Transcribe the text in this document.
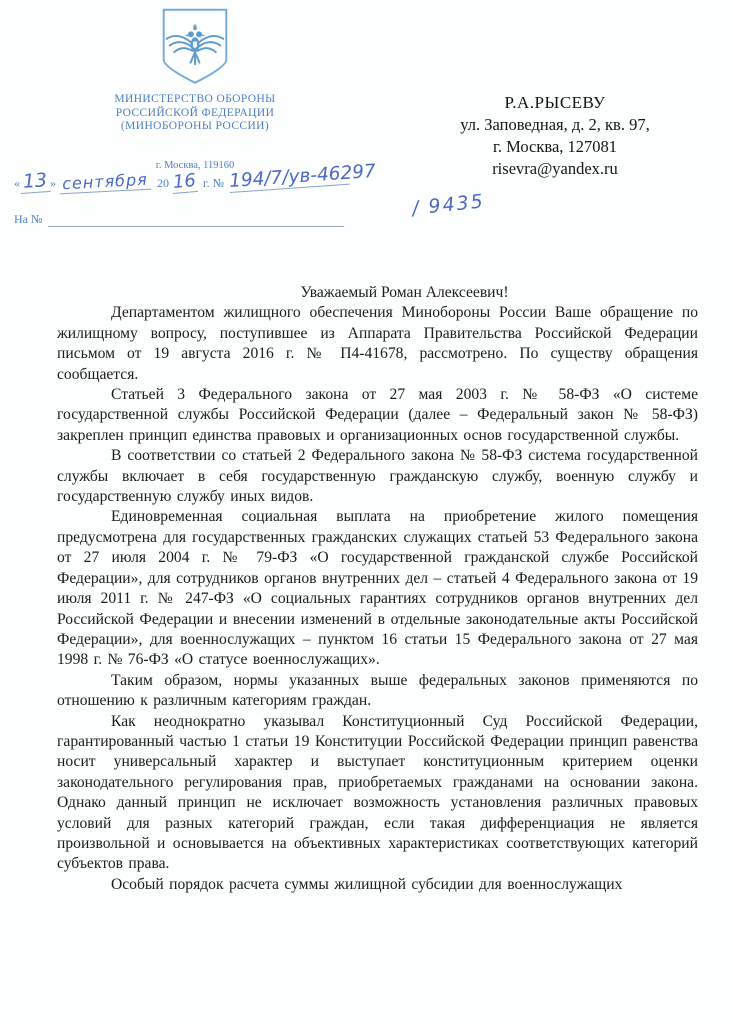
МИНИСТЕРСТВО ОБОРОНЫ
РОССИЙСКОЙ ФЕДЕРАЦИИ
(МИНОБОРОНЫ РОССИИ)
г. Москва, 119160
« 13 » сентября 20 16 г. № 194/7/ув-46297
/ 9435
На №
Р.А.РЫСЕВУ
ул. Заповедная, д. 2, кв. 97,
г. Москва, 127081
risevra@yandex.ru

Уважаемый Роман Алексеевич!

Департаментом жилищного обеспечения Минобороны России Ваше обращение по жилищному вопросу, поступившее из Аппарата Правительства Российской Федерации письмом от 19 августа 2016 г. № П4-41678, рассмотрено. По существу обращения сообщается.

Статьей 3 Федерального закона от 27 мая 2003 г. № 58-ФЗ «О системе государственной службы Российской Федерации (далее – Федеральный закон № 58-ФЗ) закреплен принцип единства правовых и организационных основ государственной службы.

В соответствии со статьей 2 Федерального закона № 58-ФЗ система государственной службы включает в себя государственную гражданскую службу, военную службу и государственную службу иных видов.

Единовременная социальная выплата на приобретение жилого помещения предусмотрена для государственных гражданских служащих статьей 53 Федерального закона от 27 июля 2004 г. № 79-ФЗ «О государственной гражданской службе Российской Федерации», для сотрудников органов внутренних дел – статьей 4 Федерального закона от 19 июля 2011 г. № 247-ФЗ «О социальных гарантиях сотрудников органов внутренних дел Российской Федерации и внесении изменений в отдельные законодательные акты Российской Федерации», для военнослужащих – пунктом 16 статьи 15 Федерального закона от 27 мая 1998 г. № 76-ФЗ «О статусе военнослужащих».

Таким образом, нормы указанных выше федеральных законов применяются по отношению к различным категориям граждан.

Как неоднократно указывал Конституционный Суд Российской Федерации, гарантированный частью 1 статьи 19 Конституции Российской Федерации принцип равенства носит универсальный характер и выступает конституционным критерием оценки законодательного регулирования прав, приобретаемых гражданами на основании закона. Однако данный принцип не исключает возможность установления различных правовых условий для разных категорий граждан, если такая дифференциация не является произвольной и основывается на объективных характеристиках соответствующих категорий субъектов права.

Особый порядок расчета суммы жилищной субсидии для военнослужащих
